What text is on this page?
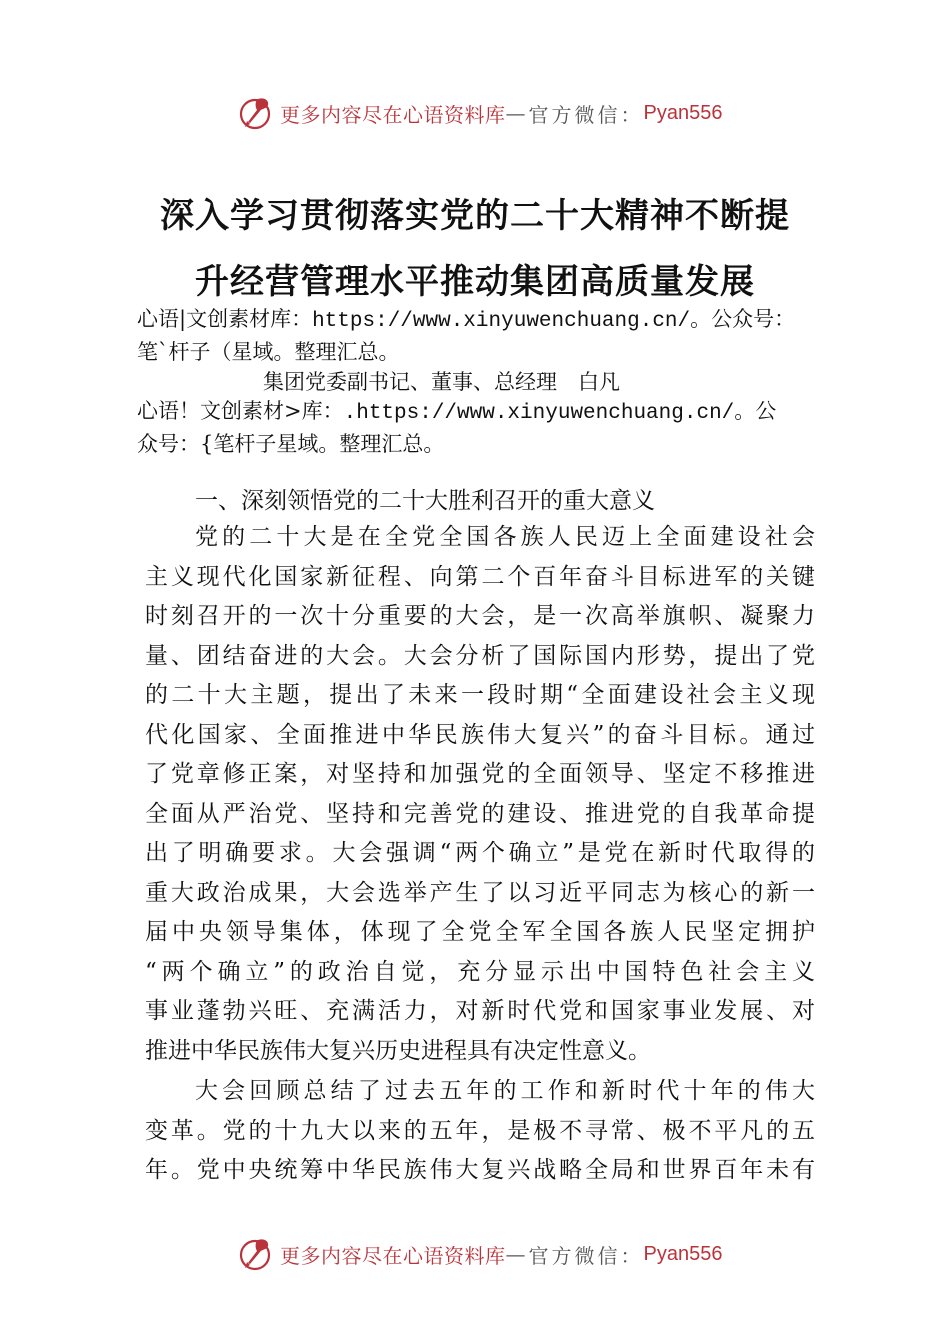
更多内容尽在心语资料库 — 官方微信： Pyan556
深入学习贯彻落实党的二十大精神不断提
升经营管理水平推动集团高质量发展
心语|文创素材库：https://www.xinyuwenchuang.cn/。公众号：
笔`杆子（星域。整理汇总。
集团党委副书记、董事、总经理　白凡
心语！文创素材>库：.https://www.xinyuwenchuang.cn/。公
众号：{笔杆子星域。整理汇总。
一、深刻领悟党的二十大胜利召开的重大意义
党的二十大是在全党全国各族人民迈上全面建设社会
主义现代化国家新征程、向第二个百年奋斗目标进军的关键
时刻召开的一次十分重要的大会，是一次高举旗帜、凝聚力
量、团结奋进的大会。大会分析了国际国内形势，提出了党
的二十大主题，提出了未来一段时期“全面建设社会主义现
代化国家、全面推进中华民族伟大复兴”的奋斗目标。通过
了党章修正案，对坚持和加强党的全面领导、坚定不移推进
全面从严治党、坚持和完善党的建设、推进党的自我革命提
出了明确要求。大会强调“两个确立”是党在新时代取得的
重大政治成果，大会选举产生了以习近平同志为核心的新一
届中央领导集体，体现了全党全军全国各族人民坚定拥护
“两个确立”的政治自觉，充分显示出中国特色社会主义
事业蓬勃兴旺、充满活力，对新时代党和国家事业发展、对
推进中华民族伟大复兴历史进程具有决定性意义。
大会回顾总结了过去五年的工作和新时代十年的伟大
变革。党的十九大以来的五年，是极不寻常、极不平凡的五
年。党中央统筹中华民族伟大复兴战略全局和世界百年未有
更多内容尽在心语资料库 — 官方微信： Pyan556
